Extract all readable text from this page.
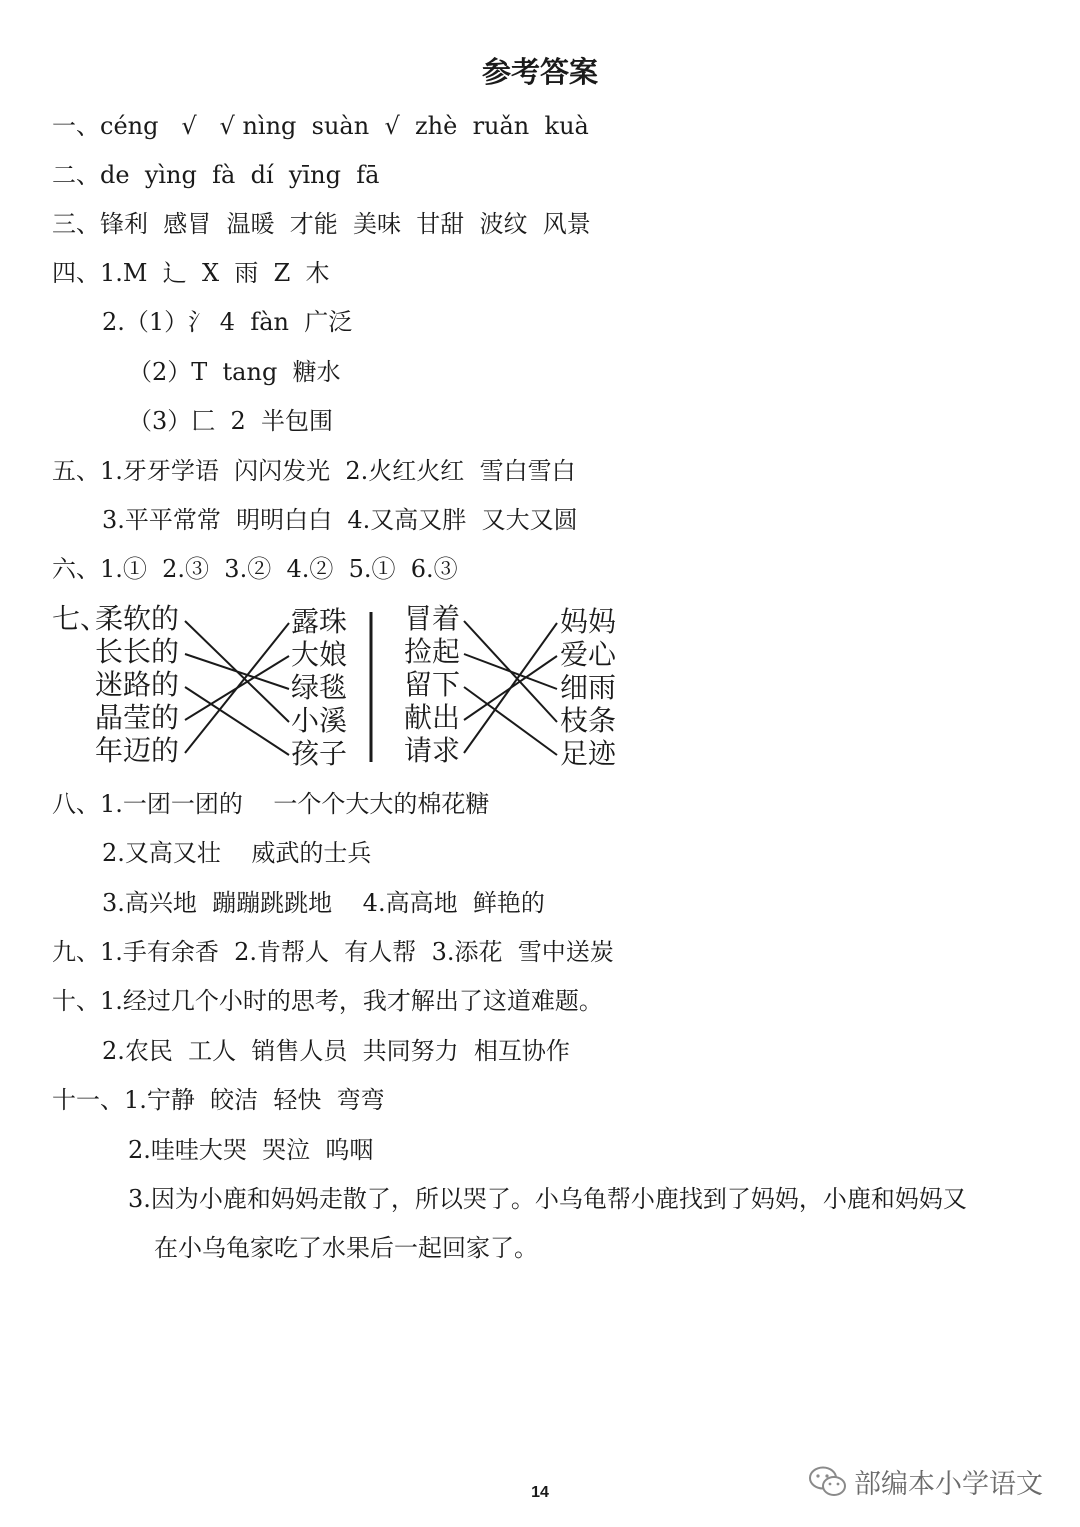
参考答案
一、céng   √   √ nìng  suàn  √  zhè  ruǎn  kuà
二、de  yìng  fà  dí  yīng  fā
三、锋利  感冒  温暖  才能  美味  甘甜  波纹  风景
四、1.M  辶  X  雨  Z  木
2.（1）氵 4  fàn  广泛
（2）T  tang  糖水
（3）匚  2  半包围
五、1.牙牙学语  闪闪发光  2.火红火红  雪白雪白
3.平平常常  明明白白  4.又高又胖  又大又圆
六、1.①  2.③  3.②  4.②  5.①  6.③
七、
柔软的
长长的
迷路的
晶莹的
年迈的
露珠
大娘
绿毯
小溪
孩子
冒着
捡起
留下
献出
请求
妈妈
爱心
细雨
枝条
足迹
八、1.一团一团的    一个个大大的棉花糖
2.又高又壮    威武的士兵
3.高兴地  蹦蹦跳跳地    4.高高地  鲜艳的
九、1.手有余香  2.肯帮人  有人帮  3.添花  雪中送炭
十、1.经过几个小时的思考，我才解出了这道难题。
2.农民  工人  销售人员  共同努力  相互协作
十一、1.宁静  皎洁  轻快  弯弯
2.哇哇大哭  哭泣  呜咽
3.因为小鹿和妈妈走散了，所以哭了。小乌龟帮小鹿找到了妈妈，小鹿和妈妈又
在小乌龟家吃了水果后一起回家了。
14	部编本小学语文
